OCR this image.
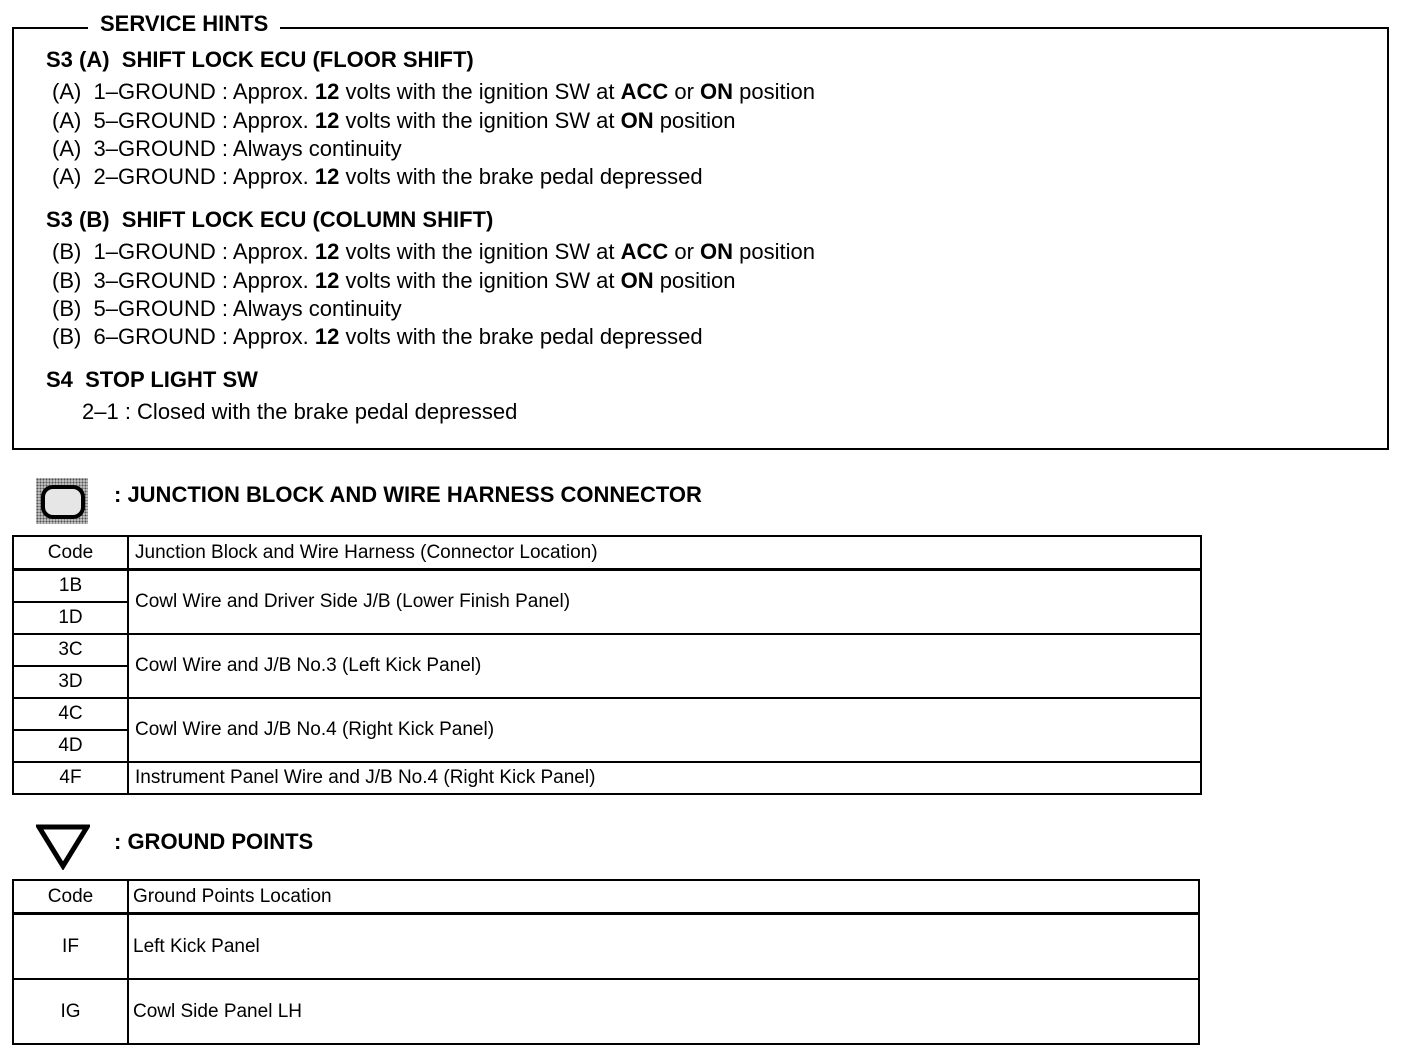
SERVICE HINTS
S3 (A)  SHIFT LOCK ECU (FLOOR SHIFT)
(A)  1–GROUND : Approx. 12 volts with the ignition SW at ACC or ON position
(A)  5–GROUND : Approx. 12 volts with the ignition SW at ON position
(A)  3–GROUND : Always continuity
(A)  2–GROUND : Approx. 12 volts with the brake pedal depressed
S3 (B)  SHIFT LOCK ECU (COLUMN SHIFT)
(B)  1–GROUND : Approx. 12 volts with the ignition SW at ACC or ON position
(B)  3–GROUND : Approx. 12 volts with the ignition SW at ON position
(B)  5–GROUND : Always continuity
(B)  6–GROUND : Approx. 12 volts with the brake pedal depressed
S4  STOP LIGHT SW
2–1 : Closed with the brake pedal depressed
: JUNCTION BLOCK AND WIRE HARNESS CONNECTOR
Code	Junction Block and Wire Harness (Connector Location)
1B	Cowl Wire and Driver Side J/B (Lower Finish Panel)
1D	
3C	Cowl Wire and J/B No.3 (Left Kick Panel)
3D	
4C	Cowl Wire and J/B No.4 (Right Kick Panel)
4D	
4F	Instrument Panel Wire and J/B No.4 (Right Kick Panel)
: GROUND POINTS
Code	Ground Points Location
IF	Left Kick Panel
IG	Cowl Side Panel LH
